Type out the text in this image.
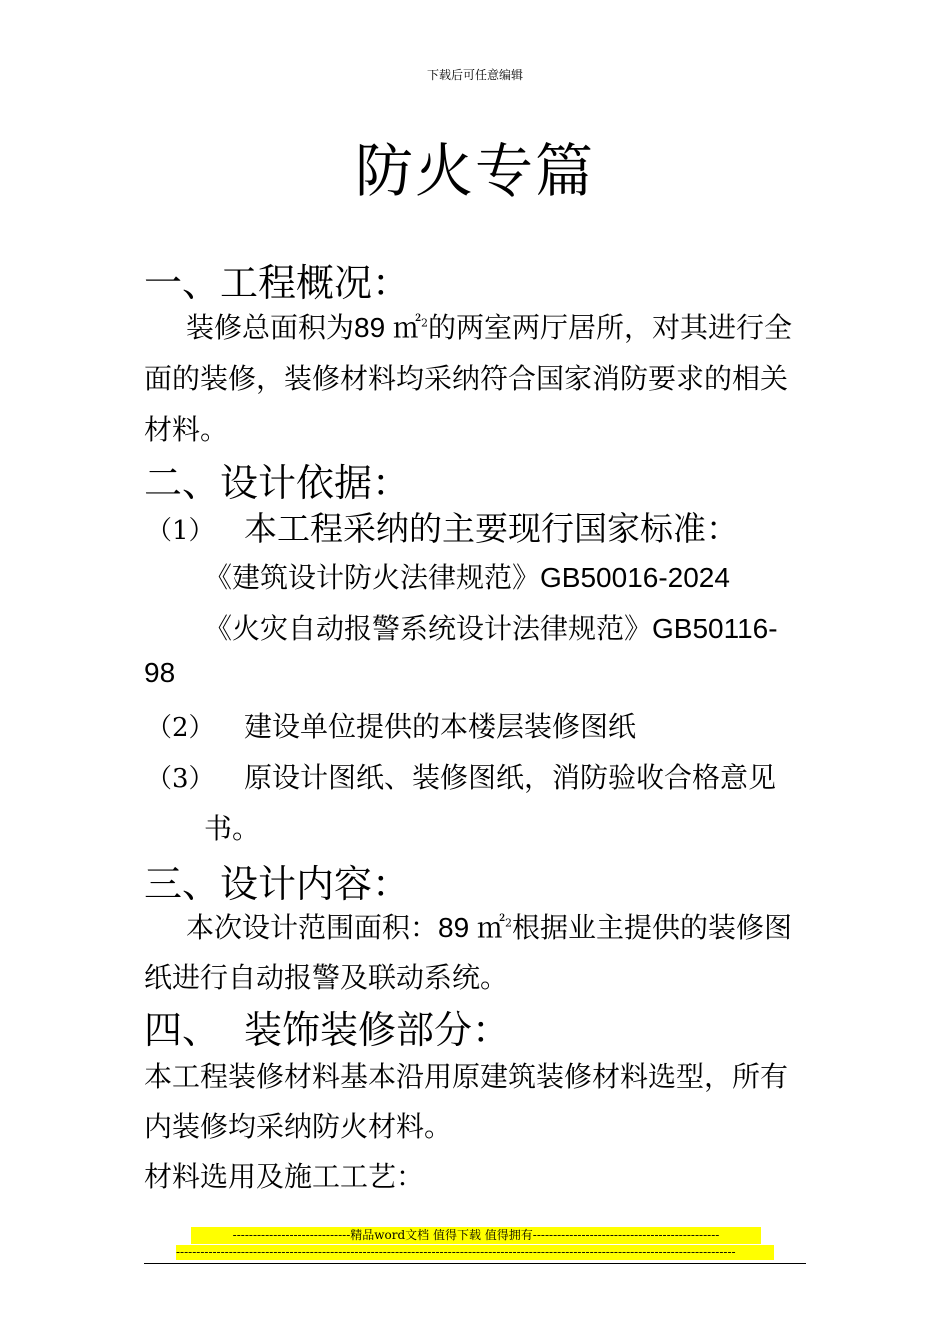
下载后可任意编辑
防火专篇
一、工程概况：
装修总面积为89 ㎡$^2$的两室两厅居所，对其进行全
面的装修，装修材料均采纳符合国家消防要求的相关
材料。
二、设计依据：
（1） 本工程采纳的主要现行国家标准：
《建筑设计防火法律规范》GB50016-2024
《火灾自动报警系统设计法律规范》GB50116-
98
（2） 建设单位提供的本楼层装修图纸
（3） 原设计图纸、装修图纸，消防验收合格意见
书。
三、设计内容：
本次设计范围面积：89 ㎡$^2$根据业主提供的装修图
纸进行自动报警及联动系统。
四、 装饰装修部分：
本工程装修材料基本沿用原建筑装修材料选型，所有
内装修均采纳防火材料。
材料选用及施工工艺：
-----------------------------精品word文档 值得下载 值得拥有----------------------------------------------
------------------------------------------------------------------------------------------------------------------------------------------
